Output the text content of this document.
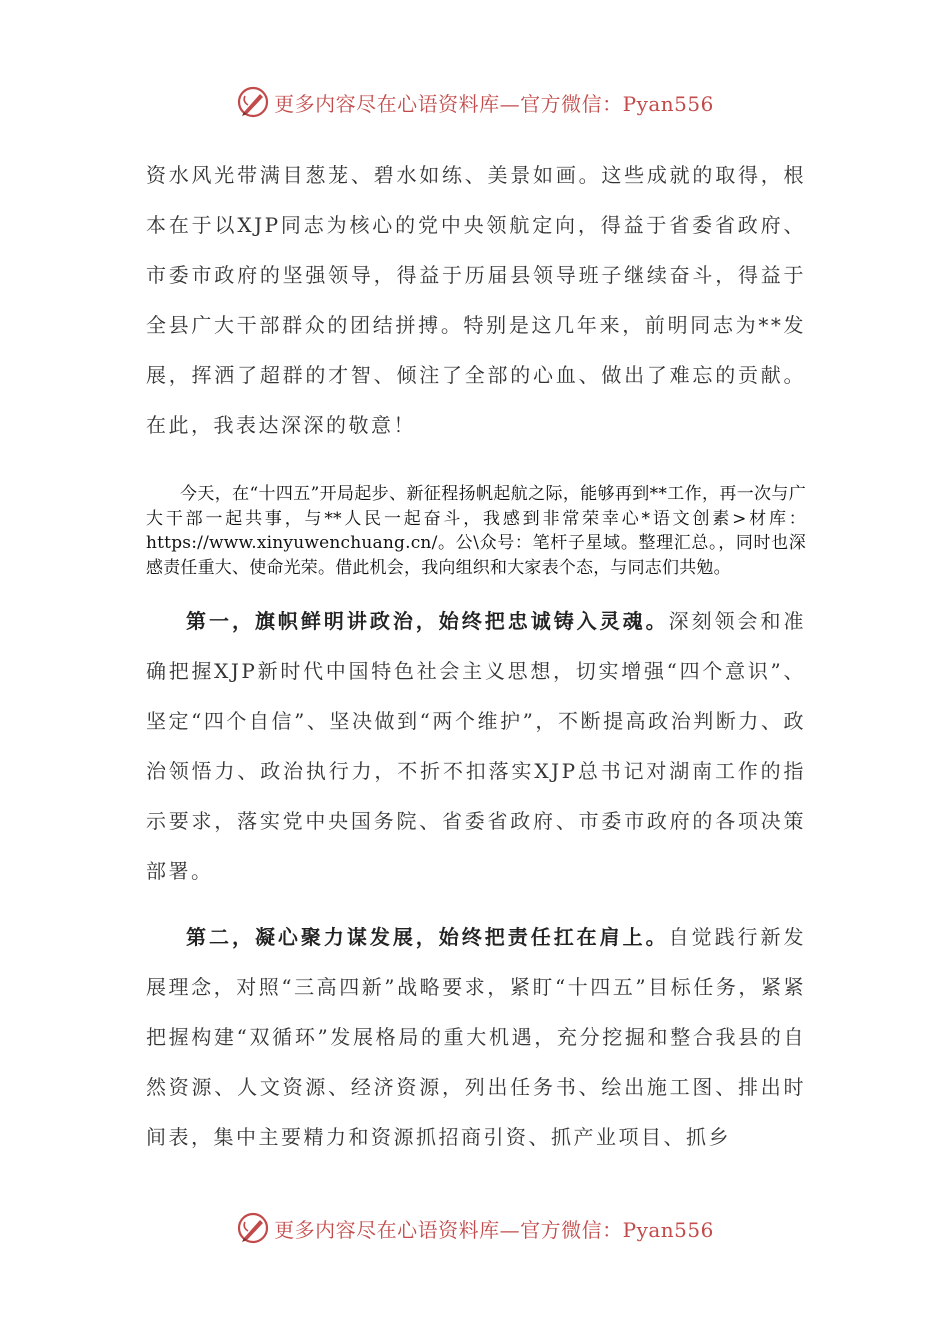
更多内容尽在心语资料库—官方微信：Pyan556

资水风光带满目葱茏、碧水如练、美景如画。这些成就的取得，根本在于以XJP同志为核心的党中央领航定向，得益于省委省政府、市委市政府的坚强领导，得益于历届县领导班子继续奋斗，得益于全县广大干部群众的团结拼搏。特别是这几年来，前明同志为**发展，挥洒了超群的才智、倾注了全部的心血、做出了难忘的贡献。在此，我表达深深的敬意！

今天，在“十四五”开局起步、新征程扬帆起航之际，能够再到**工作，再一次与广大干部一起共事，与**人民一起奋斗，我感到非常荣幸心*语文创素>材库：https://www.xinyuwenchuang.cn/。公\众号：笔杆子星域。整理汇总。，同时也深感责任重大、使命光荣。借此机会，我向组织和大家表个态，与同志们共勉。

第一，旗帜鲜明讲政治，始终把忠诚铸入灵魂。深刻领会和准确把握XJP新时代中国特色社会主义思想，切实增强“四个意识”、坚定“四个自信”、坚决做到“两个维护”，不断提高政治判断力、政治领悟力、政治执行力，不折不扣落实XJP总书记对湖南工作的指示要求，落实党中央国务院、省委省政府、市委市政府的各项决策部署。

第二，凝心聚力谋发展，始终把责任扛在肩上。自觉践行新发展理念，对照“三高四新”战略要求，紧盯“十四五”目标任务，紧紧把握构建“双循环”发展格局的重大机遇，充分挖掘和整合我县的自然资源、人文资源、经济资源，列出任务书、绘出施工图、排出时间表，集中主要精力和资源抓招商引资、抓产业项目、抓乡

更多内容尽在心语资料库—官方微信：Pyan556
